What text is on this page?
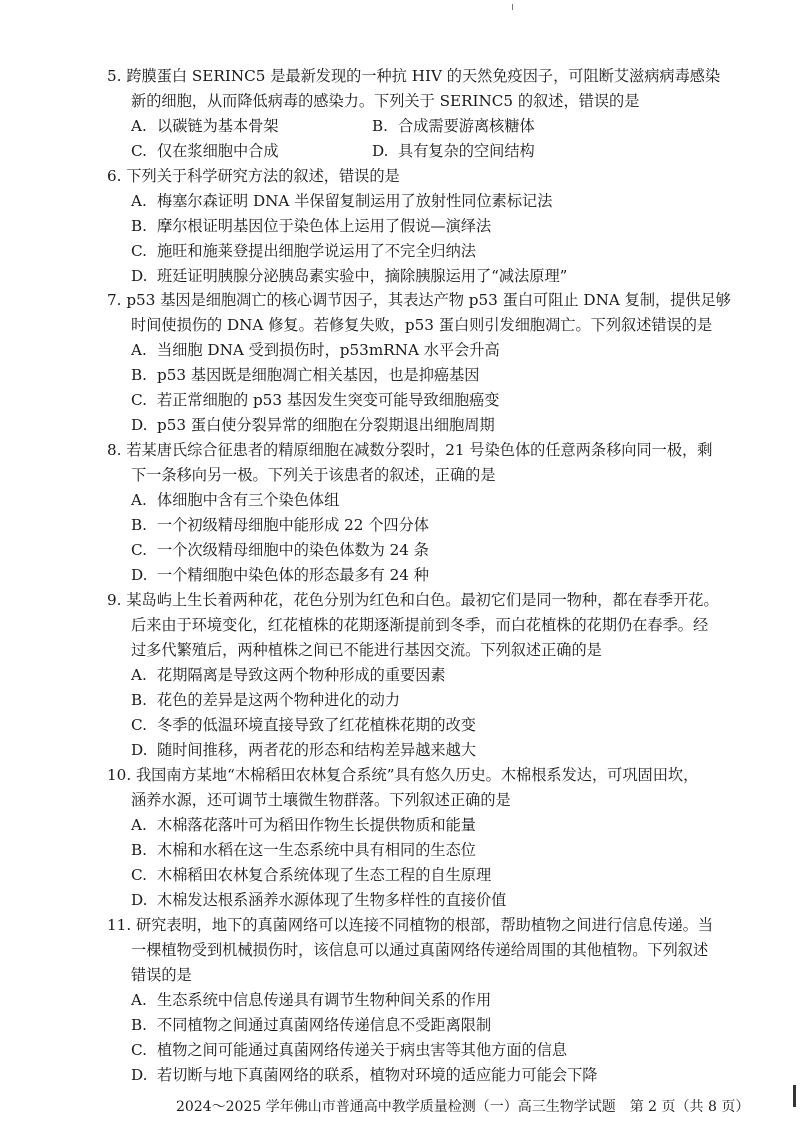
5. 跨膜蛋白 SERINC5 是最新发现的一种抗 HIV 的天然免疫因子，可阻断艾滋病病毒感染
新的细胞，从而降低病毒的感染力。下列关于 SERINC5 的叙述，错误的是
A. 以碳链为基本骨架	B. 合成需要游离核糖体
C. 仅在浆细胞中合成	D. 具有复杂的空间结构
6. 下列关于科学研究方法的叙述，错误的是
A. 梅塞尔森证明 DNA 半保留复制运用了放射性同位素标记法
B. 摩尔根证明基因位于染色体上运用了假说—演绎法
C. 施旺和施莱登提出细胞学说运用了不完全归纳法
D. 班廷证明胰腺分泌胰岛素实验中，摘除胰腺运用了“减法原理”
7. p53 基因是细胞凋亡的核心调节因子，其表达产物 p53 蛋白可阻止 DNA 复制，提供足够
时间使损伤的 DNA 修复。若修复失败，p53 蛋白则引发细胞凋亡。下列叙述错误的是
A. 当细胞 DNA 受到损伤时，p53mRNA 水平会升高
B. p53 基因既是细胞凋亡相关基因，也是抑癌基因
C. 若正常细胞的 p53 基因发生突变可能导致细胞癌变
D. p53 蛋白使分裂异常的细胞在分裂期退出细胞周期
8. 若某唐氏综合征患者的精原细胞在减数分裂时，21 号染色体的任意两条移向同一极，剩
下一条移向另一极。下列关于该患者的叙述，正确的是
A. 体细胞中含有三个染色体组
B. 一个初级精母细胞中能形成 22 个四分体
C. 一个次级精母细胞中的染色体数为 24 条
D. 一个精细胞中染色体的形态最多有 24 种
9. 某岛屿上生长着两种花，花色分别为红色和白色。最初它们是同一物种，都在春季开花。
后来由于环境变化，红花植株的花期逐渐提前到冬季，而白花植株的花期仍在春季。经
过多代繁殖后，两种植株之间已不能进行基因交流。下列叙述正确的是
A. 花期隔离是导致这两个物种形成的重要因素
B. 花色的差异是这两个物种进化的动力
C. 冬季的低温环境直接导致了红花植株花期的改变
D. 随时间推移，两者花的形态和结构差异越来越大
10. 我国南方某地“木棉稻田农林复合系统”具有悠久历史。木棉根系发达，可巩固田坎，
涵养水源，还可调节土壤微生物群落。下列叙述正确的是
A. 木棉落花落叶可为稻田作物生长提供物质和能量
B. 木棉和水稻在这一生态系统中具有相同的生态位
C. 木棉稻田农林复合系统体现了生态工程的自生原理
D. 木棉发达根系涵养水源体现了生物多样性的直接价值
11. 研究表明，地下的真菌网络可以连接不同植物的根部，帮助植物之间进行信息传递。当
一棵植物受到机械损伤时，该信息可以通过真菌网络传递给周围的其他植物。下列叙述
错误的是
A. 生态系统中信息传递具有调节生物种间关系的作用
B. 不同植物之间通过真菌网络传递信息不受距离限制
C. 植物之间可能通过真菌网络传递关于病虫害等其他方面的信息
D. 若切断与地下真菌网络的联系，植物对环境的适应能力可能会下降
2024～2025 学年佛山市普通高中教学质量检测（一）高三生物学试题　第 2 页（共 8 页）
